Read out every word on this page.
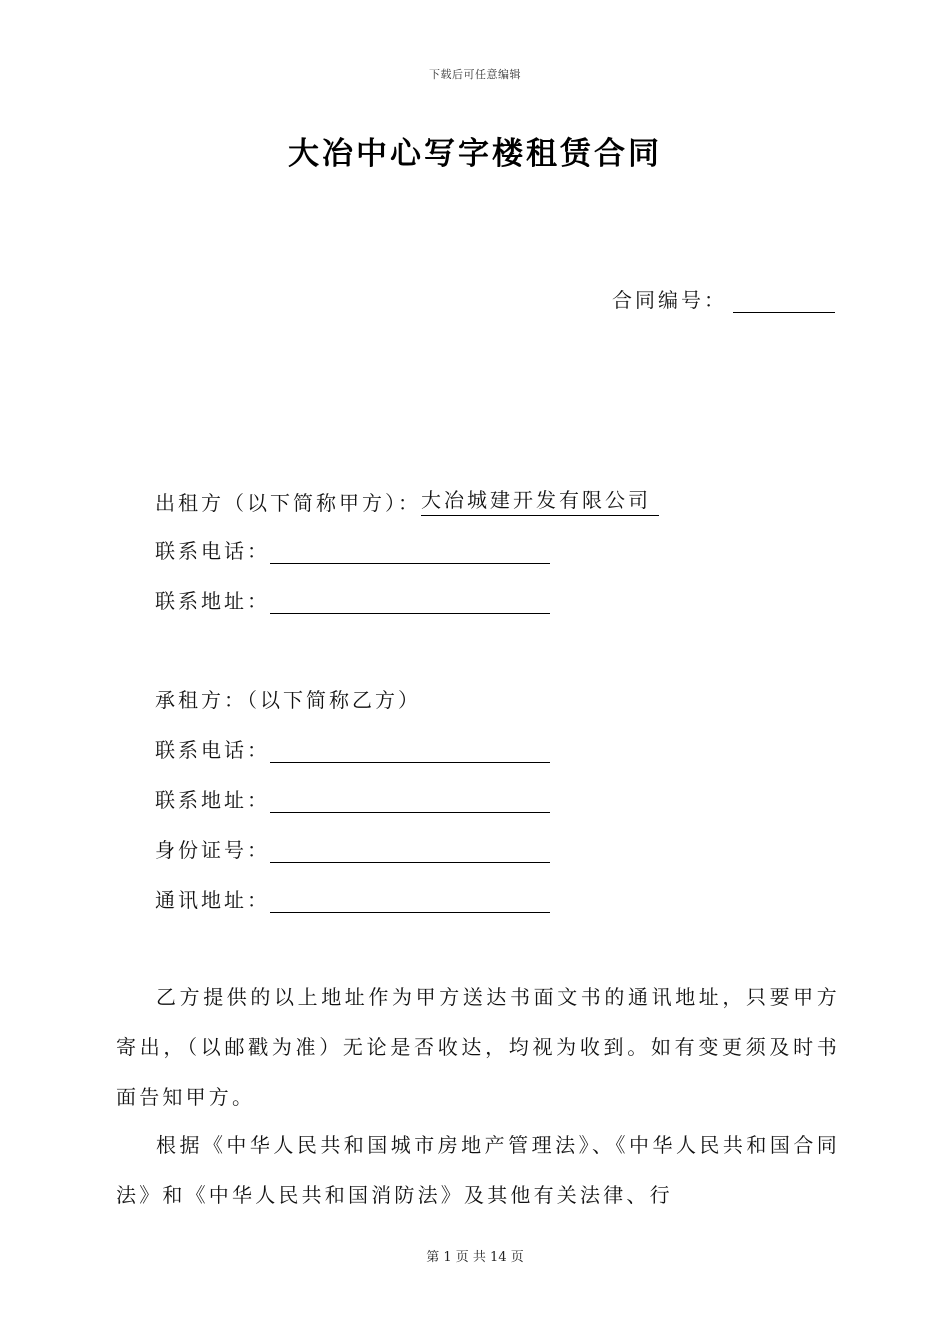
下载后可任意编辑
大冶中心写字楼租赁合同
合同编号：
出租方（以下简称甲方）： 大冶城建开发有限公司
联系电话：
联系地址：
承租方：（以下简称乙方）
联系电话：
联系地址：
身份证号：
通讯地址：

乙方提供的以上地址作为甲方送达书面文书的通讯地址，只要甲方寄出，（以邮戳为准）无论是否收达，均视为收到。如有变更须及时书面告知甲方。

根据《中华人民共和国城市房地产管理法》、《中华人民共和国合同法》和《中华人民共和国消防法》及其他有关法律、行

第 1 页 共 14 页
